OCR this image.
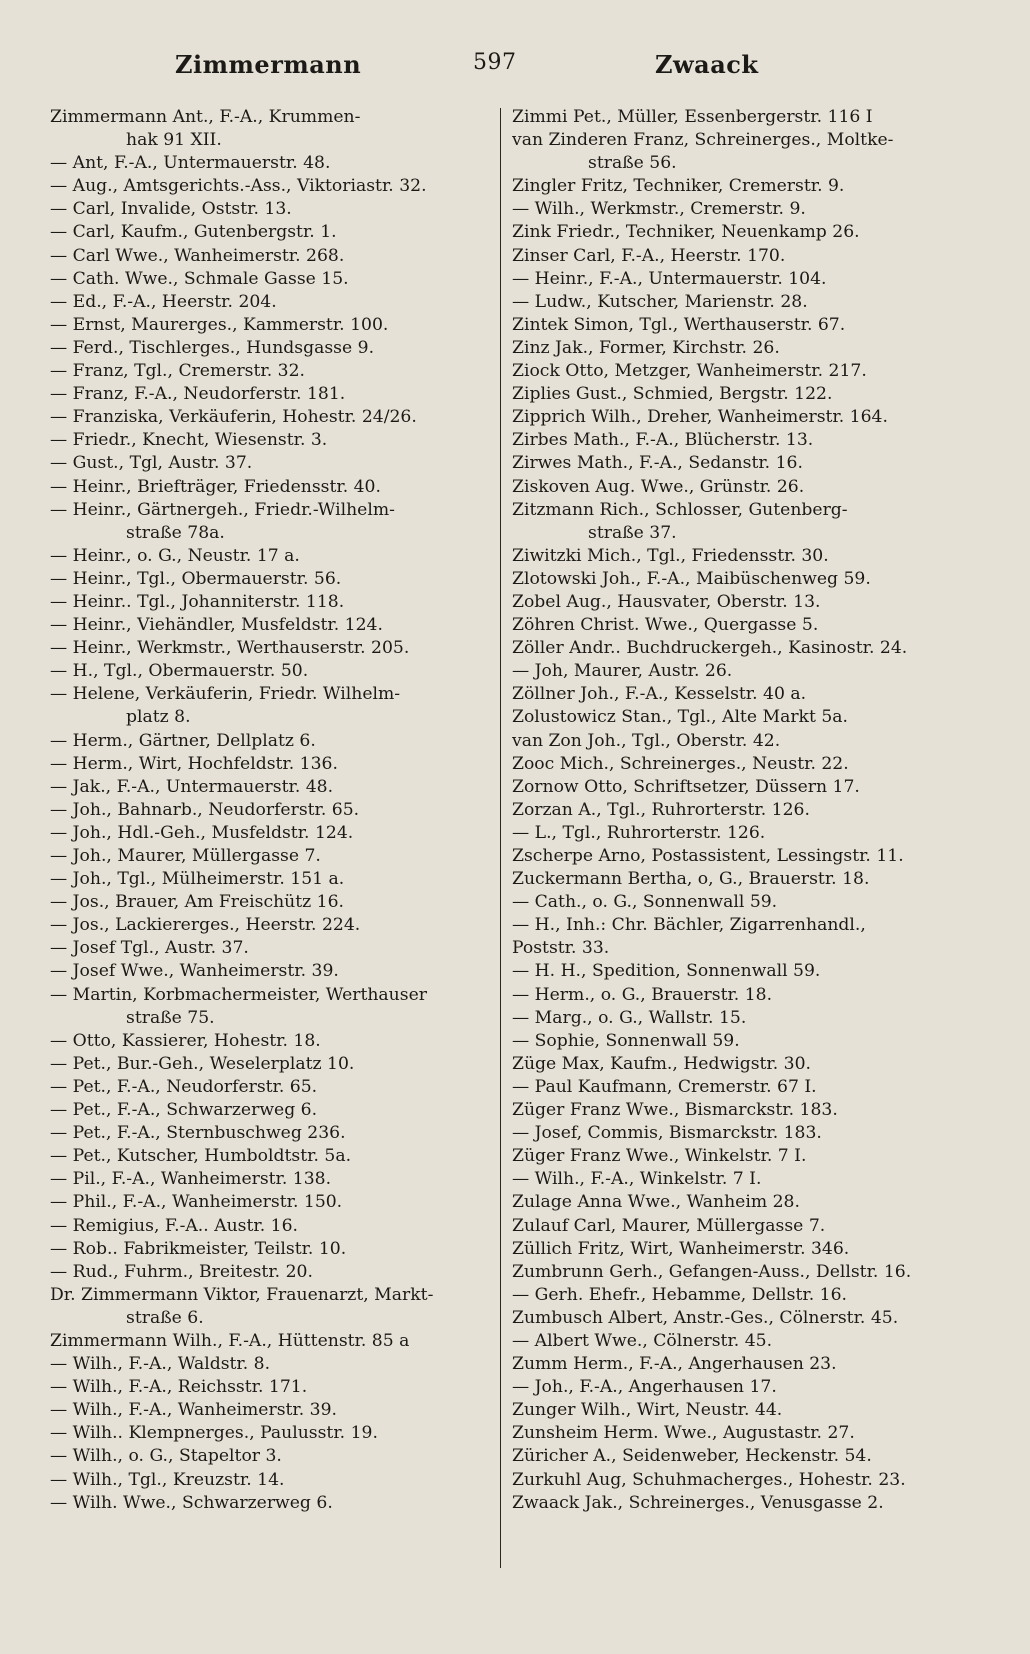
Zimmermann	597	Zwaack
Zimmermann Ant., F.-A., Krummen-
hak 91 XII.
— Ant, F.-A., Untermauerstr. 48.
— Aug., Amtsgerichts.-Ass., Viktoriastr. 32.
— Carl, Invalide, Oststr. 13.
— Carl, Kaufm., Gutenbergstr. 1.
— Carl Wwe., Wanheimerstr. 268.
— Cath. Wwe., Schmale Gasse 15.
— Ed., F.-A., Heerstr. 204.
— Ernst, Maurerges., Kammerstr. 100.
— Ferd., Tischlerges., Hundsgasse 9.
— Franz, Tgl., Cremerstr. 32.
— Franz, F.-A., Neudorferstr. 181.
— Franziska, Verkäuferin, Hohestr. 24/26.
— Friedr., Knecht, Wiesenstr. 3.
— Gust., Tgl, Austr. 37.
— Heinr., Briefträger, Friedensstr. 40.
— Heinr., Gärtnergeh., Friedr.-Wilhelm-
straße 78a.
— Heinr., o. G., Neustr. 17 a.
— Heinr., Tgl., Obermauerstr. 56.
— Heinr.. Tgl., Johanniterstr. 118.
— Heinr., Viehändler, Musfeldstr. 124.
— Heinr., Werkmstr., Werthauserstr. 205.
— H., Tgl., Obermauerstr. 50.
— Helene, Verkäuferin, Friedr. Wilhelm-
platz 8.
— Herm., Gärtner, Dellplatz 6.
— Herm., Wirt, Hochfeldstr. 136.
— Jak., F.-A., Untermauerstr. 48.
— Joh., Bahnarb., Neudorferstr. 65.
— Joh., Hdl.-Geh., Musfeldstr. 124.
— Joh., Maurer, Müllergasse 7.
— Joh., Tgl., Mülheimerstr. 151 a.
— Jos., Brauer, Am Freischütz 16.
— Jos., Lackiererges., Heerstr. 224.
— Josef Tgl., Austr. 37.
— Josef Wwe., Wanheimerstr. 39.
— Martin, Korbmachermeister, Werthauser
straße 75.
— Otto, Kassierer, Hohestr. 18.
— Pet., Bur.-Geh., Weselerplatz 10.
— Pet., F.-A., Neudorferstr. 65.
— Pet., F.-A., Schwarzerweg 6.
— Pet., F.-A., Sternbuschweg 236.
— Pet., Kutscher, Humboldtstr. 5a.
— Pil., F.-A., Wanheimerstr. 138.
— Phil., F.-A., Wanheimerstr. 150.
— Remigius, F.-A.. Austr. 16.
— Rob.. Fabrikmeister, Teilstr. 10.
— Rud., Fuhrm., Breitestr. 20.
Dr. Zimmermann Viktor, Frauenarzt, Markt-
straße 6.
Zimmermann Wilh., F.-A., Hüttenstr. 85 a
— Wilh., F.-A., Waldstr. 8.
— Wilh., F.-A., Reichsstr. 171.
— Wilh., F.-A., Wanheimerstr. 39.
— Wilh.. Klempnerges., Paulusstr. 19.
— Wilh., o. G., Stapeltor 3.
— Wilh., Tgl., Kreuzstr. 14.
— Wilh. Wwe., Schwarzerweg 6.
Zimmi Pet., Müller, Essenbergerstr. 116 I
van Zinderen Franz, Schreinerges., Moltke-
straße 56.
Zingler Fritz, Techniker, Cremerstr. 9.
— Wilh., Werkmstr., Cremerstr. 9.
Zink Friedr., Techniker, Neuenkamp 26.
Zinser Carl, F.-A., Heerstr. 170.
— Heinr., F.-A., Untermauerstr. 104.
— Ludw., Kutscher, Marienstr. 28.
Zintek Simon, Tgl., Werthauserstr. 67.
Zinz Jak., Former, Kirchstr. 26.
Ziock Otto, Metzger, Wanheimerstr. 217.
Ziplies Gust., Schmied, Bergstr. 122.
Zipprich Wilh., Dreher, Wanheimerstr. 164.
Zirbes Math., F.-A., Blücherstr. 13.
Zirwes Math., F.-A., Sedanstr. 16.
Ziskoven Aug. Wwe., Grünstr. 26.
Zitzmann Rich., Schlosser, Gutenberg-
straße 37.
Ziwitzki Mich., Tgl., Friedensstr. 30.
Zlotowski Joh., F.-A., Maibüschenweg 59.
Zobel Aug., Hausvater, Oberstr. 13.
Zöhren Christ. Wwe., Quergasse 5.
Zöller Andr.. Buchdruckergeh., Kasinostr. 24.
— Joh, Maurer, Austr. 26.
Zöllner Joh., F.-A., Kesselstr. 40 a.
Zolustowicz Stan., Tgl., Alte Markt 5a.
van Zon Joh., Tgl., Oberstr. 42.
Zooc Mich., Schreinerges., Neustr. 22.
Zornow Otto, Schriftsetzer, Düssern 17.
Zorzan A., Tgl., Ruhrorterstr. 126.
— L., Tgl., Ruhrorterstr. 126.
Zscherpe Arno, Postassistent, Lessingstr. 11.
Zuckermann Bertha, o, G., Brauerstr. 18.
— Cath., o. G., Sonnenwall 59.
— H., Inh.: Chr. Bächler, Zigarrenhandl.,
Poststr. 33.
— H. H., Spedition, Sonnenwall 59.
— Herm., o. G., Brauerstr. 18.
— Marg., o. G., Wallstr. 15.
— Sophie, Sonnenwall 59.
Züge Max, Kaufm., Hedwigstr. 30.
— Paul Kaufmann, Cremerstr. 67 I.
Züger Franz Wwe., Bismarckstr. 183.
— Josef, Commis, Bismarckstr. 183.
Züger Franz Wwe., Winkelstr. 7 I.
— Wilh., F.-A., Winkelstr. 7 I.
Zulage Anna Wwe., Wanheim 28.
Zulauf Carl, Maurer, Müllergasse 7.
Züllich Fritz, Wirt, Wanheimerstr. 346.
Zumbrunn Gerh., Gefangen-Auss., Dellstr. 16.
— Gerh. Ehefr., Hebamme, Dellstr. 16.
Zumbusch Albert, Anstr.-Ges., Cölnerstr. 45.
— Albert Wwe., Cölnerstr. 45.
Zumm Herm., F.-A., Angerhausen 23.
— Joh., F.-A., Angerhausen 17.
Zunger Wilh., Wirt, Neustr. 44.
Zunsheim Herm. Wwe., Augustastr. 27.
Züricher A., Seidenweber, Heckenstr. 54.
Zurkuhl Aug, Schuhmacherges., Hohestr. 23.
Zwaack Jak., Schreinerges., Venusgasse 2.
